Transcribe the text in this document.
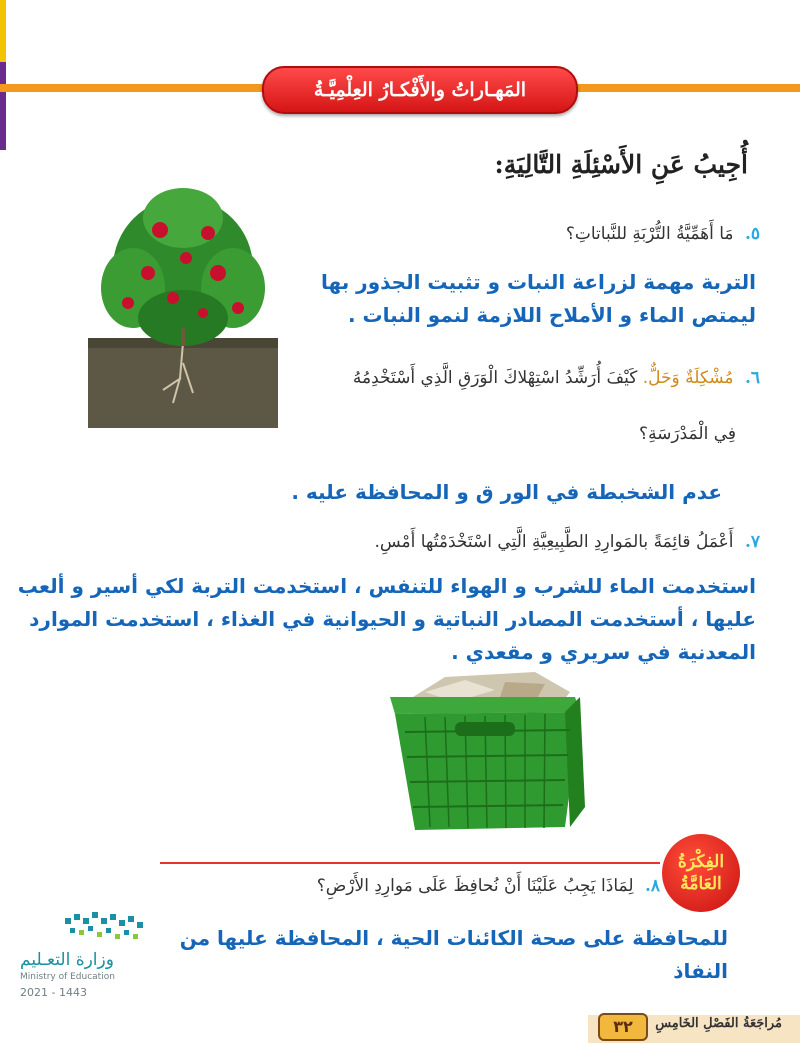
المَهـاراتُ والأَفْكـارُ العِلْمِيَّـةُ
أُجِيبُ عَنِ الأَسْئِلَةِ التَّالِيَةِ:
٥. مَا أَهَمِّيَّةُ التُّرْبَةِ للنَّباتاتِ؟
التربة مهمة لزراعة النبات و تثبيت الجذور بها
ليمتص الماء و الأملاح اللازمة لنمو النبات .
٦. مُشْكِلَةٌ وَحَلٌّ. كَيْفَ أُرَشِّدُ اسْتِهْلاكَ الْوَرَقِ الَّذِي أَسْتَخْدِمُهُ
فِي الْمَدْرَسَةِ؟
عدم الشخبطة في الور ق و المحافظة عليه .
٧. أَعْمَلُ قائِمَةً بالمَوارِدِ الطَّبِيعِيَّةِ الَّتِي اسْتَخْدَمْتُها أَمْسِ.
استخدمت الماء للشرب و الهواء للتنفس ، استخدمت التربة لكي أسير و ألعب
عليها ، أستخدمت المصادر النباتية و الحيوانية في الغذاء ، استخدمت الموارد
المعدنية في سريري و مقعدي .
الفِكْرَةُ
العَامَّةُ
٨. لِمَاذَا يَجِبُ عَلَيْنَا أَنْ نُحافِظَ عَلَى مَوارِدِ الأَرْضِ؟
للمحافظة على صحة الكائنات الحية ، المحافظة عليها من
النفاذ
وزارة التعـليم
Ministry of Education
2021 - 1443
٣٢	مُراجَعَةُ الفَصْلِ الخَامِسِ
